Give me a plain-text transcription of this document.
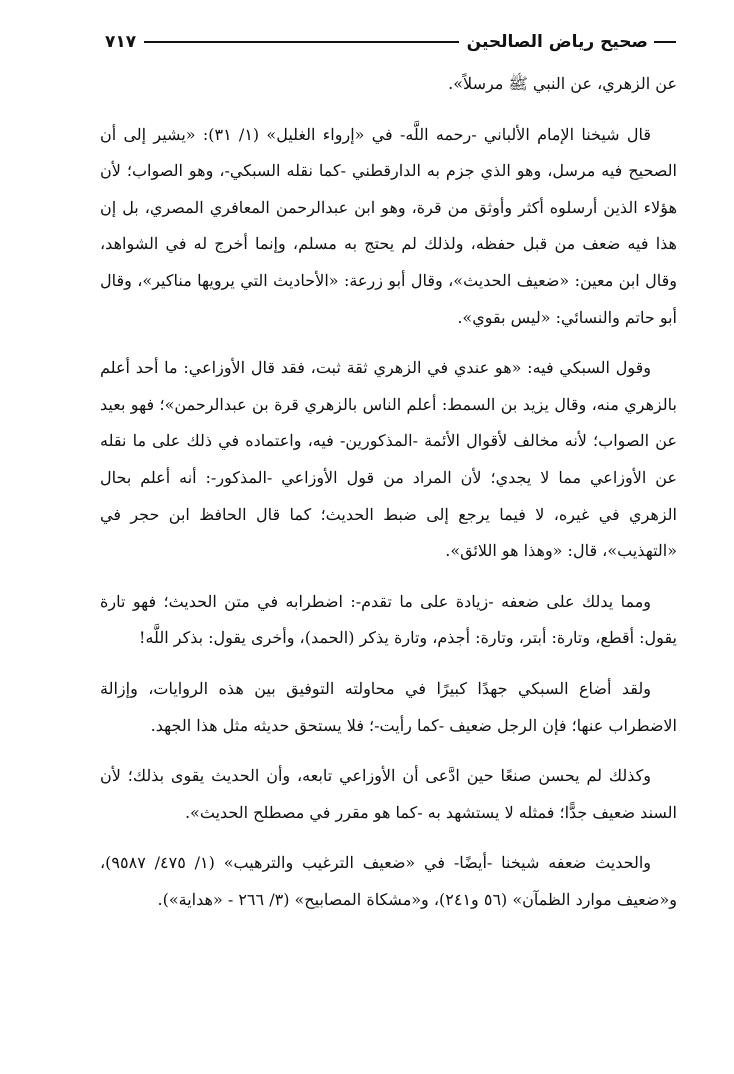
صحيح رياض الصالحين
٧١٧

عن الزهري، عن النبي ﷺ مرسلاً».

قال شيخنا الإمام الألباني -رحمه اللَّه- في «إرواء الغليل» (١/ ٣١): «يشير إلى أن الصحيح فيه مرسل، وهو الذي جزم به الدارقطني -كما نقله السبكي-، وهو الصواب؛ لأن هؤلاء الذين أرسلوه أكثر وأوثق من قرة، وهو ابن عبدالرحمن المعافري المصري، بل إن هذا فيه ضعف من قبل حفظه، ولذلك لم يحتج به مسلم، وإنما أخرج له في الشواهد، وقال ابن معين: «ضعيف الحديث»، وقال أبو زرعة: «الأحاديث التي يرويها مناكير»، وقال أبو حاتم والنسائي: «ليس بقوي».

وقول السبكي فيه: «هو عندي في الزهري ثقة ثبت، فقد قال الأوزاعي: ما أحد أعلم بالزهري منه، وقال يزيد بن السمط: أعلم الناس بالزهري قرة بن عبدالرحمن»؛ فهو بعيد عن الصواب؛ لأنه مخالف لأقوال الأئمة -المذكورين- فيه، واعتماده في ذلك على ما نقله عن الأوزاعي مما لا يجدي؛ لأن المراد من قول الأوزاعي -المذكور-: أنه أعلم بحال الزهري في غيره، لا فيما يرجع إلى ضبط الحديث؛ كما قال الحافظ ابن حجر في «التهذيب»، قال: «وهذا هو اللائق».

ومما يدلك على ضعفه -زيادة على ما تقدم-: اضطرابه في متن الحديث؛ فهو تارة يقول: أقطع، وتارة: أبتر، وتارة: أجذم، وتارة يذكر (الحمد)، وأخرى يقول: بذكر اللَّه!

ولقد أضاع السبكي جهدًا كبيرًا في محاولته التوفيق بين هذه الروايات، وإزالة الاضطراب عنها؛ فإن الرجل ضعيف -كما رأيت-؛ فلا يستحق حديثه مثل هذا الجهد.

وكذلك لم يحسن صنعًا حين ادَّعى أن الأوزاعي تابعه، وأن الحديث يقوى بذلك؛ لأن السند ضعيف جدًّا؛ فمثله لا يستشهد به -كما هو مقرر في مصطلح الحديث».

والحديث ضعفه شيخنا -أيضًا- في «ضعيف الترغيب والترهيب» (١/ ٤٧٥/ ٩٥٨٧)، و«ضعيف موارد الظمآن» (٥٦ و٢٤١)، و«مشكاة المصابيح» (٣/ ٢٦٦ - «هداية»).
